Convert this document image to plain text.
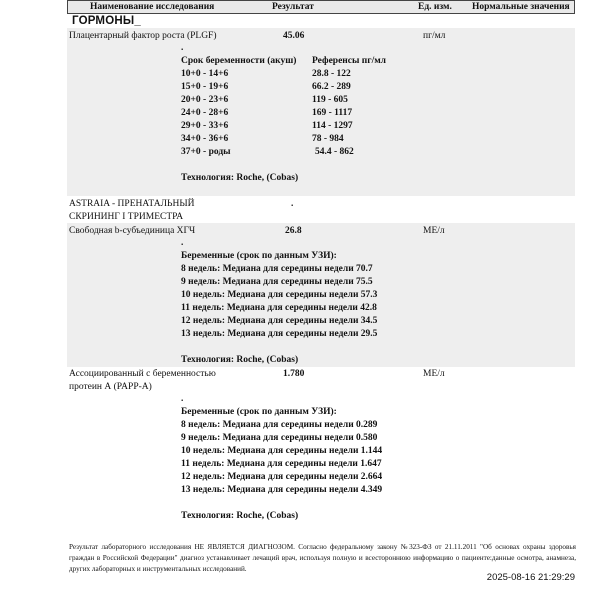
Наименование исследования	Результат	Ед. изм. Нормальные значения
ГОРМОНЫ_
Плацентарный фактор роста (PLGF)	45.06	пг/мл
.
Срок беременности (акуш) Референсы пг/мл
10+0 - 14+6	28.8 - 122
15+0 - 19+6	66.2 - 289
20+0 - 23+6	119 - 605
24+0 - 28+6	169 - 1117
29+0 - 33+6	114 - 1297
34+0 - 36+6	78 - 984
37+0 - роды	54.4 - 862
Технология: Roche, (Cobas)
ASTRAIA - ПРЕНАТАЛЬНЫЙ
СКРИНИНГ I ТРИМЕСТРА
.
Свободная b-субъединица ХГЧ	26.8	МЕ/л
.
Беременные (срок по данным УЗИ):
8 недель: Медиана для середины недели 70.7
9 недель: Медиана для середины недели 75.5
10 недель: Медиана для середины недели 57.3
11 недель: Медиана для середины недели 42.8
12 недель: Медиана для середины недели 34.5
13 недель: Медиана для середины недели 29.5
Технология: Roche, (Cobas)
Ассоциированный с беременностью
протеин А (PAPP-A)
1.780	МЕ/л
.
Беременные (срок по данным УЗИ):
8 недель: Медиана для середины недели 0.289
9 недель: Медиана для середины недели 0.580
10 недель: Медиана для середины недели 1.144
11 недель: Медиана для середины недели 1.647
12 недель: Медиана для середины недели 2.664
13 недель: Медиана для середины недели 4.349
Технология: Roche, (Cobas)
Результат лабораторного исследования НЕ ЯВЛЯЕТСЯ ДИАГНОЗОМ. Согласно федеральному закону №323-ФЗ от 21.11.2011 "Об основах охраны здоровья граждан в Российской Федерации" диагноз устанавливает лечащий врач, используя полную и всестороннюю информацию о пациенте:данные осмотра, анамнеза, других лабораторных и инструментальных исследований.
2025-08-16 21:29:29
